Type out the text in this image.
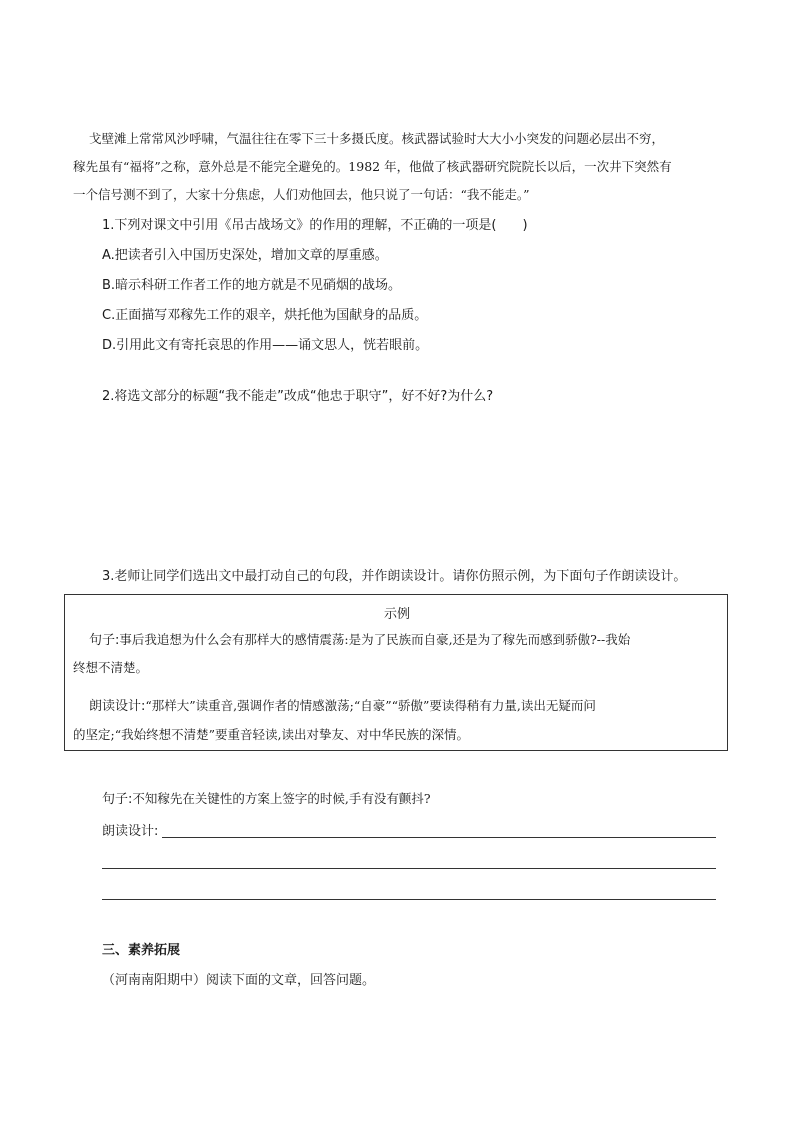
戈壁滩上常常风沙呼啸，气温往往在零下三十多摄氏度。核武器试验时大大小小突发的问题必层出不穷，
稼先虽有“福将”之称，意外总是不能完全避免的。1982 年，他做了核武器研究院院长以后，一次井下突然有
一个信号测不到了，大家十分焦虑，人们劝他回去，他只说了一句话：“我不能走。”
1.下列对课文中引用《吊古战场文》的作用的理解，不正确的一项是(　　)
A.把读者引入中国历史深处，增加文章的厚重感。
B.暗示科研工作者工作的地方就是不见硝烟的战场。
C.正面描写邓稼先工作的艰辛，烘托他为国献身的品质。
D.引用此文有寄托哀思的作用——诵文思人，恍若眼前。
2.将选文部分的标题“我不能走”改成“他忠于职守”，好不好?为什么?
3.老师让同学们选出文中最打动自己的句段，并作朗读设计。请你仿照示例，为下面句子作朗读设计。
示例
句子:事后我追想为什么会有那样大的感情震荡:是为了民族而自豪,还是为了稼先而感到骄傲?--我始
终想不清楚。
朗读设计:“那样大”读重音,强调作者的情感激荡;“自豪”“骄傲”要读得稍有力量,读出无疑而问
的坚定;“我始终想不清楚”要重音轻读,读出对挚友、对中华民族的深情。
句子:不知稼先在关键性的方案上签字的时候,手有没有颤抖?
朗读设计:
三、素养拓展
（河南南阳期中）阅读下面的文章，回答问题。
